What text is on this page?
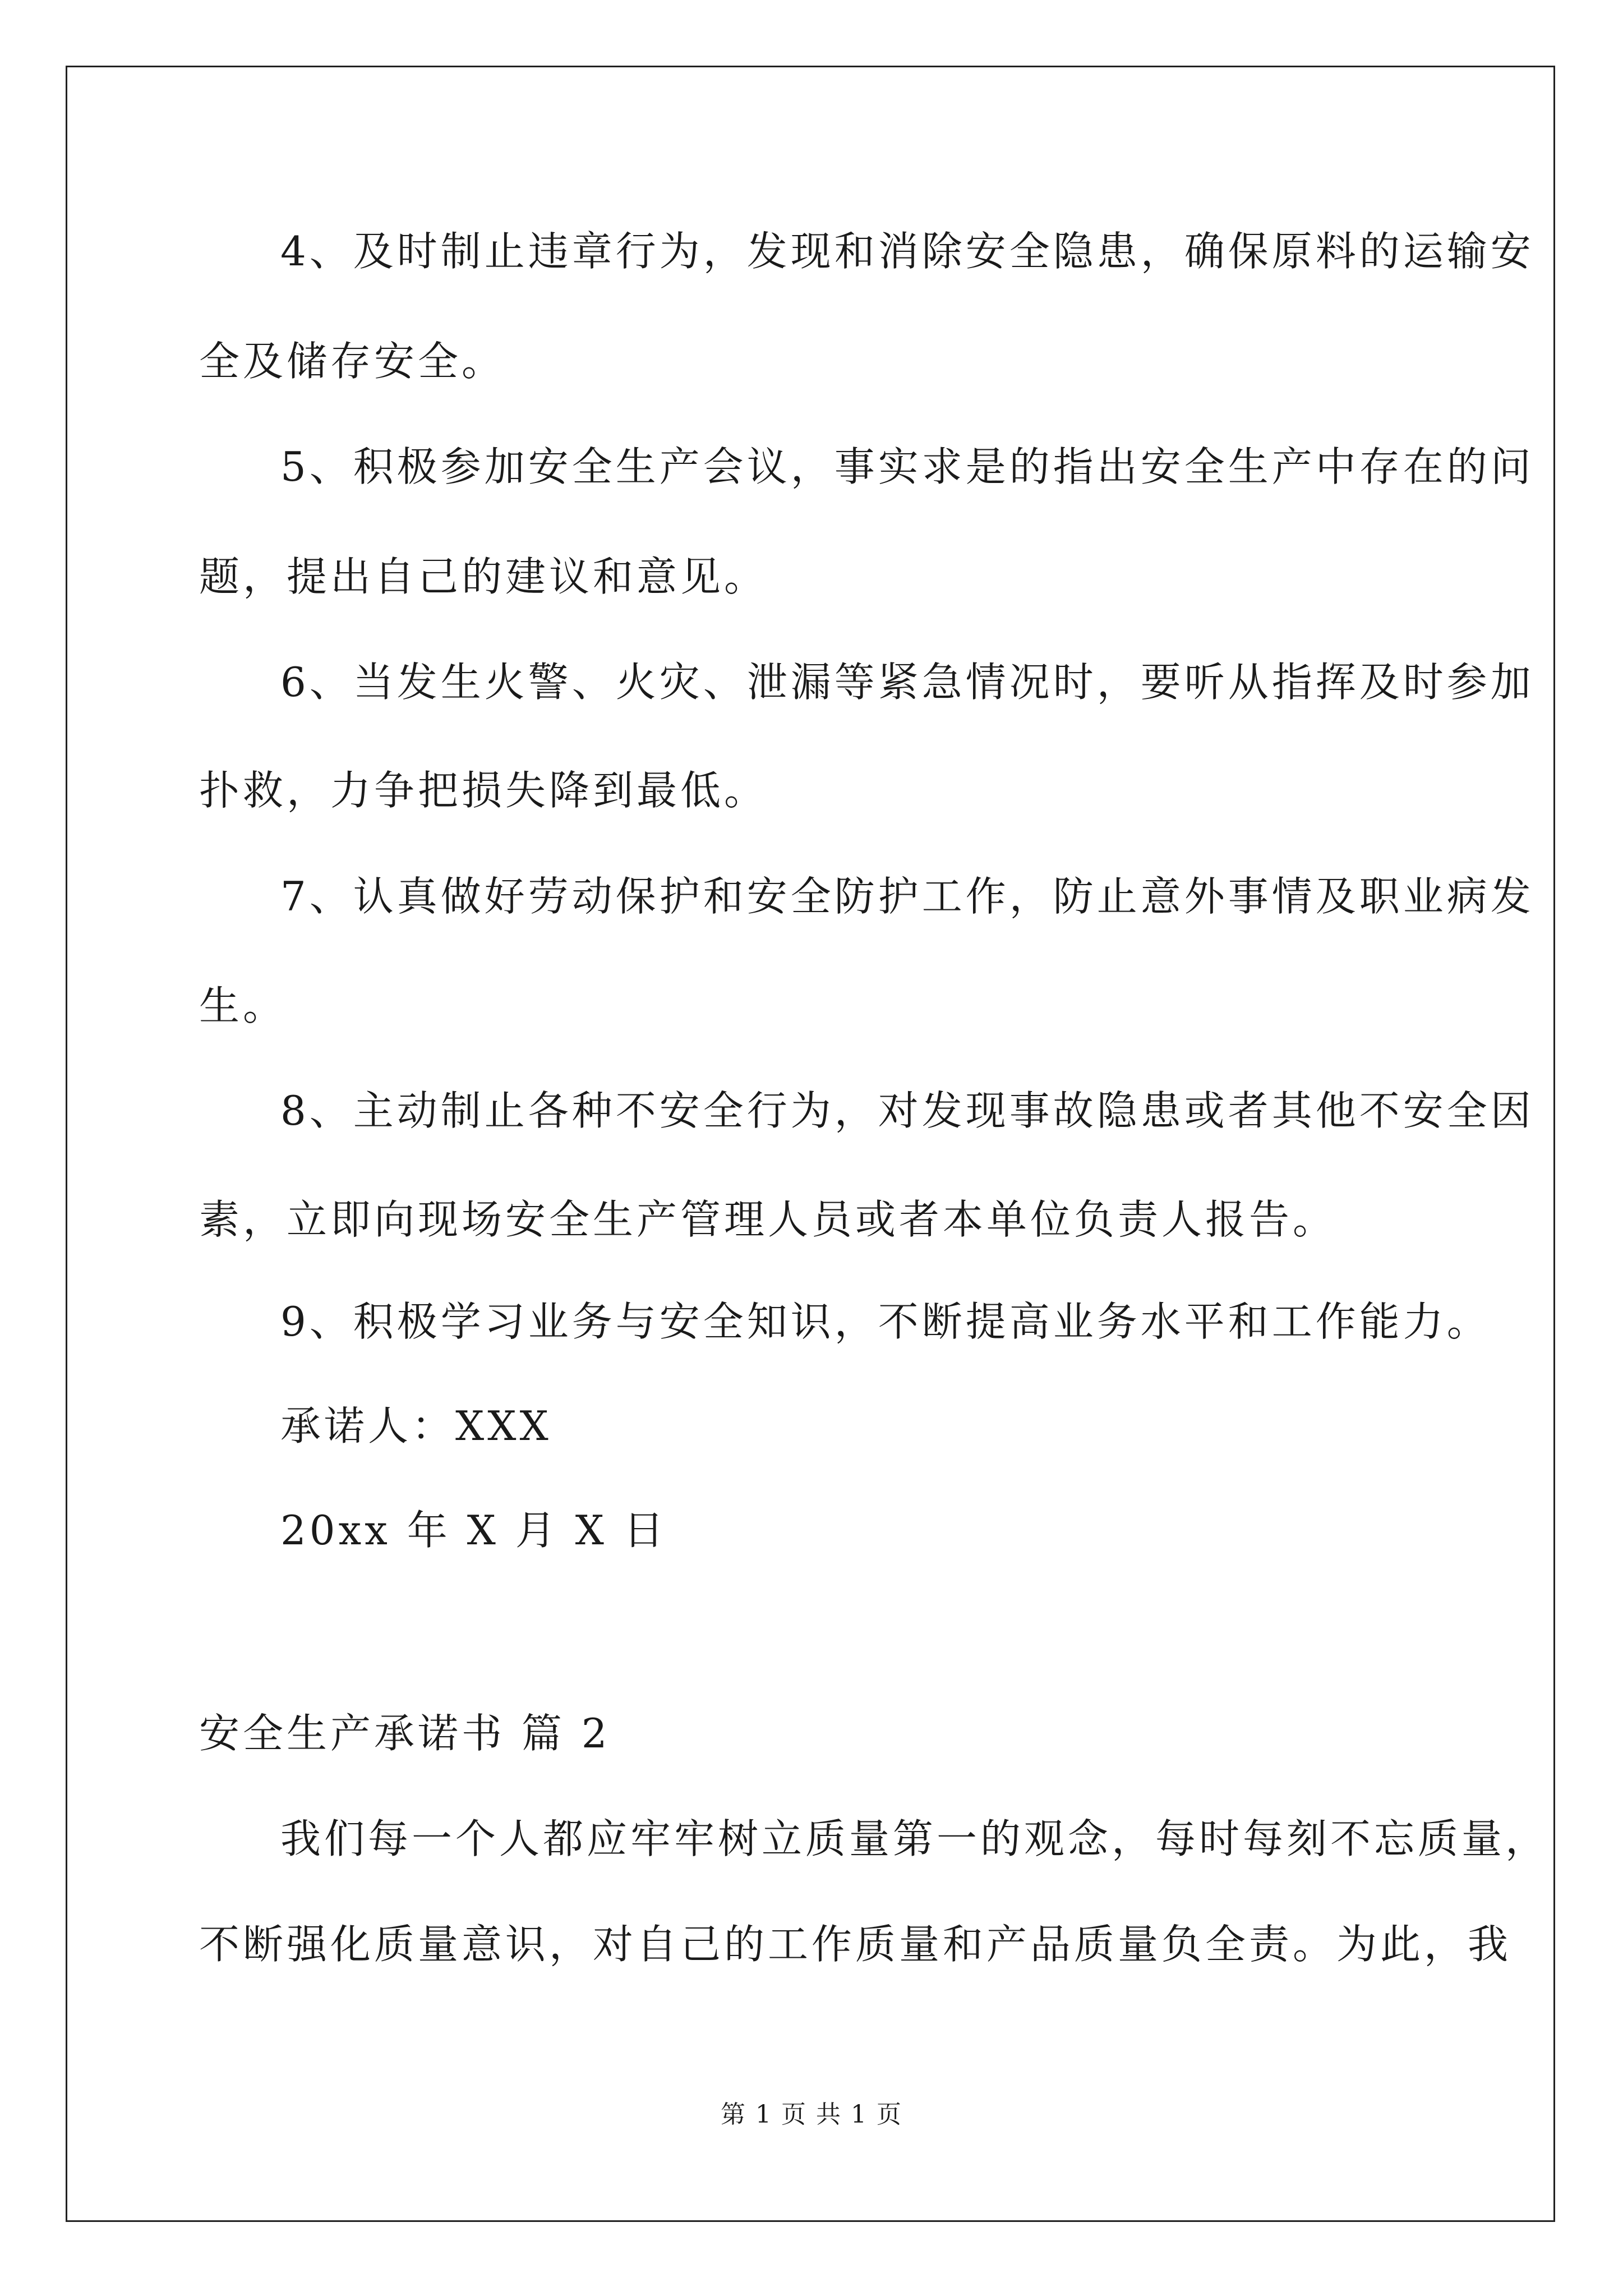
4、及时制止违章行为，发现和消除安全隐患，确保原料的运输安
全及储存安全。
5、积极参加安全生产会议，事实求是的指出安全生产中存在的问
题，提出自己的建议和意见。
6、当发生火警、火灾、泄漏等紧急情况时，要听从指挥及时参加
扑救，力争把损失降到最低。
7、认真做好劳动保护和安全防护工作，防止意外事情及职业病发
生。
8、主动制止各种不安全行为，对发现事故隐患或者其他不安全因
素，立即向现场安全生产管理人员或者本单位负责人报告。
9、积极学习业务与安全知识，不断提高业务水平和工作能力。
承诺人：XXX
20xx 年 X 月 X 日
安全生产承诺书 篇 2
我们每一个人都应牢牢树立质量第一的观念，每时每刻不忘质量，
不断强化质量意识，对自己的工作质量和产品质量负全责。为此，我
第 1 页 共 1 页
